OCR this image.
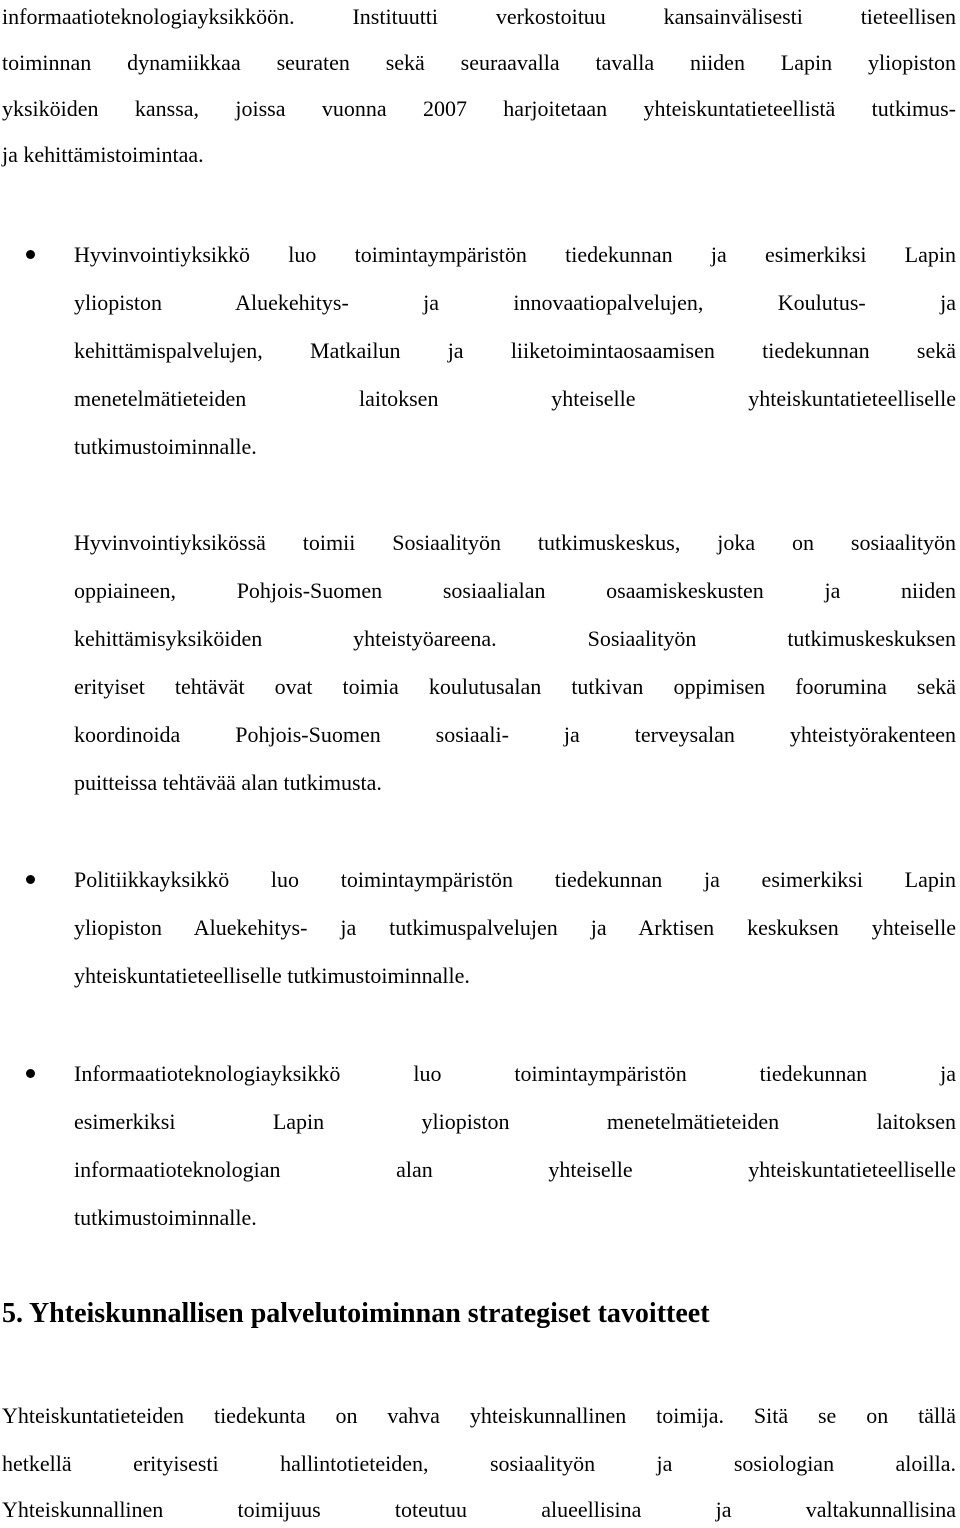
informaatioteknologiayksikköön. Instituutti verkostoituu kansainvälisesti tieteellisen
toiminnan dynamiikkaa seuraten sekä seuraavalla tavalla niiden Lapin yliopiston
yksiköiden kanssa, joissa vuonna 2007 harjoitetaan yhteiskuntatieteellistä tutkimus-
ja kehittämistoimintaa.
Hyvinvointiyksikkö luo toimintaympäristön tiedekunnan ja esimerkiksi Lapin
yliopiston Aluekehitys- ja innovaatiopalvelujen, Koulutus- ja
kehittämispalvelujen, Matkailun ja liiketoimintaosaamisen tiedekunnan sekä
menetelmätieteiden laitoksen yhteiselle yhteiskuntatieteelliselle
tutkimustoiminnalle.
Hyvinvointiyksikössä toimii Sosiaalityön tutkimuskeskus, joka on sosiaalityön
oppiaineen, Pohjois-Suomen sosiaalialan osaamiskeskusten ja niiden
kehittämisyksiköiden yhteistyöareena. Sosiaalityön tutkimuskeskuksen
erityiset tehtävät ovat toimia koulutusalan tutkivan oppimisen foorumina sekä
koordinoida Pohjois-Suomen sosiaali- ja terveysalan yhteistyörakenteen
puitteissa tehtävää alan tutkimusta.
Politiikkayksikkö luo toimintaympäristön tiedekunnan ja esimerkiksi Lapin
yliopiston Aluekehitys- ja tutkimuspalvelujen ja Arktisen keskuksen yhteiselle
yhteiskuntatieteelliselle tutkimustoiminnalle.
Informaatioteknologiayksikkö luo toimintaympäristön tiedekunnan ja
esimerkiksi Lapin yliopiston menetelmätieteiden laitoksen
informaatioteknologian alan yhteiselle yhteiskuntatieteelliselle
tutkimustoiminnalle.
5. Yhteiskunnallisen palvelutoiminnan strategiset tavoitteet
Yhteiskuntatieteiden tiedekunta on vahva yhteiskunnallinen toimija. Sitä se on tällä
hetkellä erityisesti hallintotieteiden, sosiaalityön ja sosiologian aloilla.
Yhteiskunnallinen toimijuus toteutuu alueellisina ja valtakunnallisina
